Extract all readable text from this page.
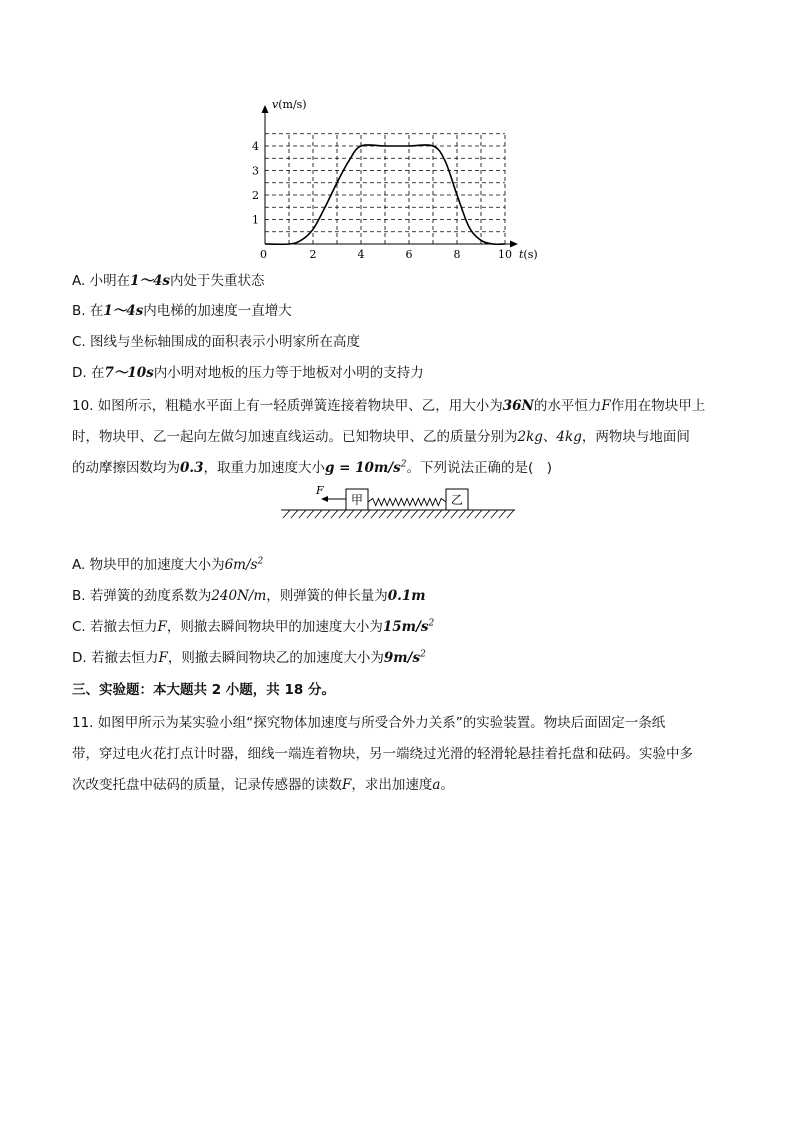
2	4	6	8	10
1
2
3
4
v(m/s)
t(s)
0
A. 小明在1～4s内处于失重状态
B. 在1～4s内电梯的加速度一直增大
C. 图线与坐标轴围成的面积表示小明家所在高度
D. 在7～10s内小明对地板的压力等于地板对小明的支持力
10. 如图所示，粗糙水平面上有一轻质弹簧连接着物块甲、乙，用大小为36N的水平恒力F作用在物块甲上
时，物块甲、乙一起向左做匀加速直线运动。已知物块甲、乙的质量分别为2kg、4kg，两物块与地面间
的动摩擦因数均为0.3，取重力加速度大小$g = 10m/s^2$。下列说法正确的是(　)
甲	乙
F
A. 物块甲的加速度大小为$6m/s^2$
B. 若弹簧的劲度系数为240N/m，则弹簧的伸长量为0.1m
C. 若撤去恒力F，则撤去瞬间物块甲的加速度大小为$15m/s^2$
D. 若撤去恒力F，则撤去瞬间物块乙的加速度大小为$9m/s^2$
三、实验题：本大题共 2 小题，共 18 分。
11. 如图甲所示为某实验小组“探究物体加速度与所受合外力关系”的实验装置。物块后面固定一条纸
带，穿过电火花打点计时器，细线一端连着物块，另一端绕过光滑的轻滑轮悬挂着托盘和砝码。实验中多
次改变托盘中砝码的质量，记录传感器的读数F，求出加速度a。
